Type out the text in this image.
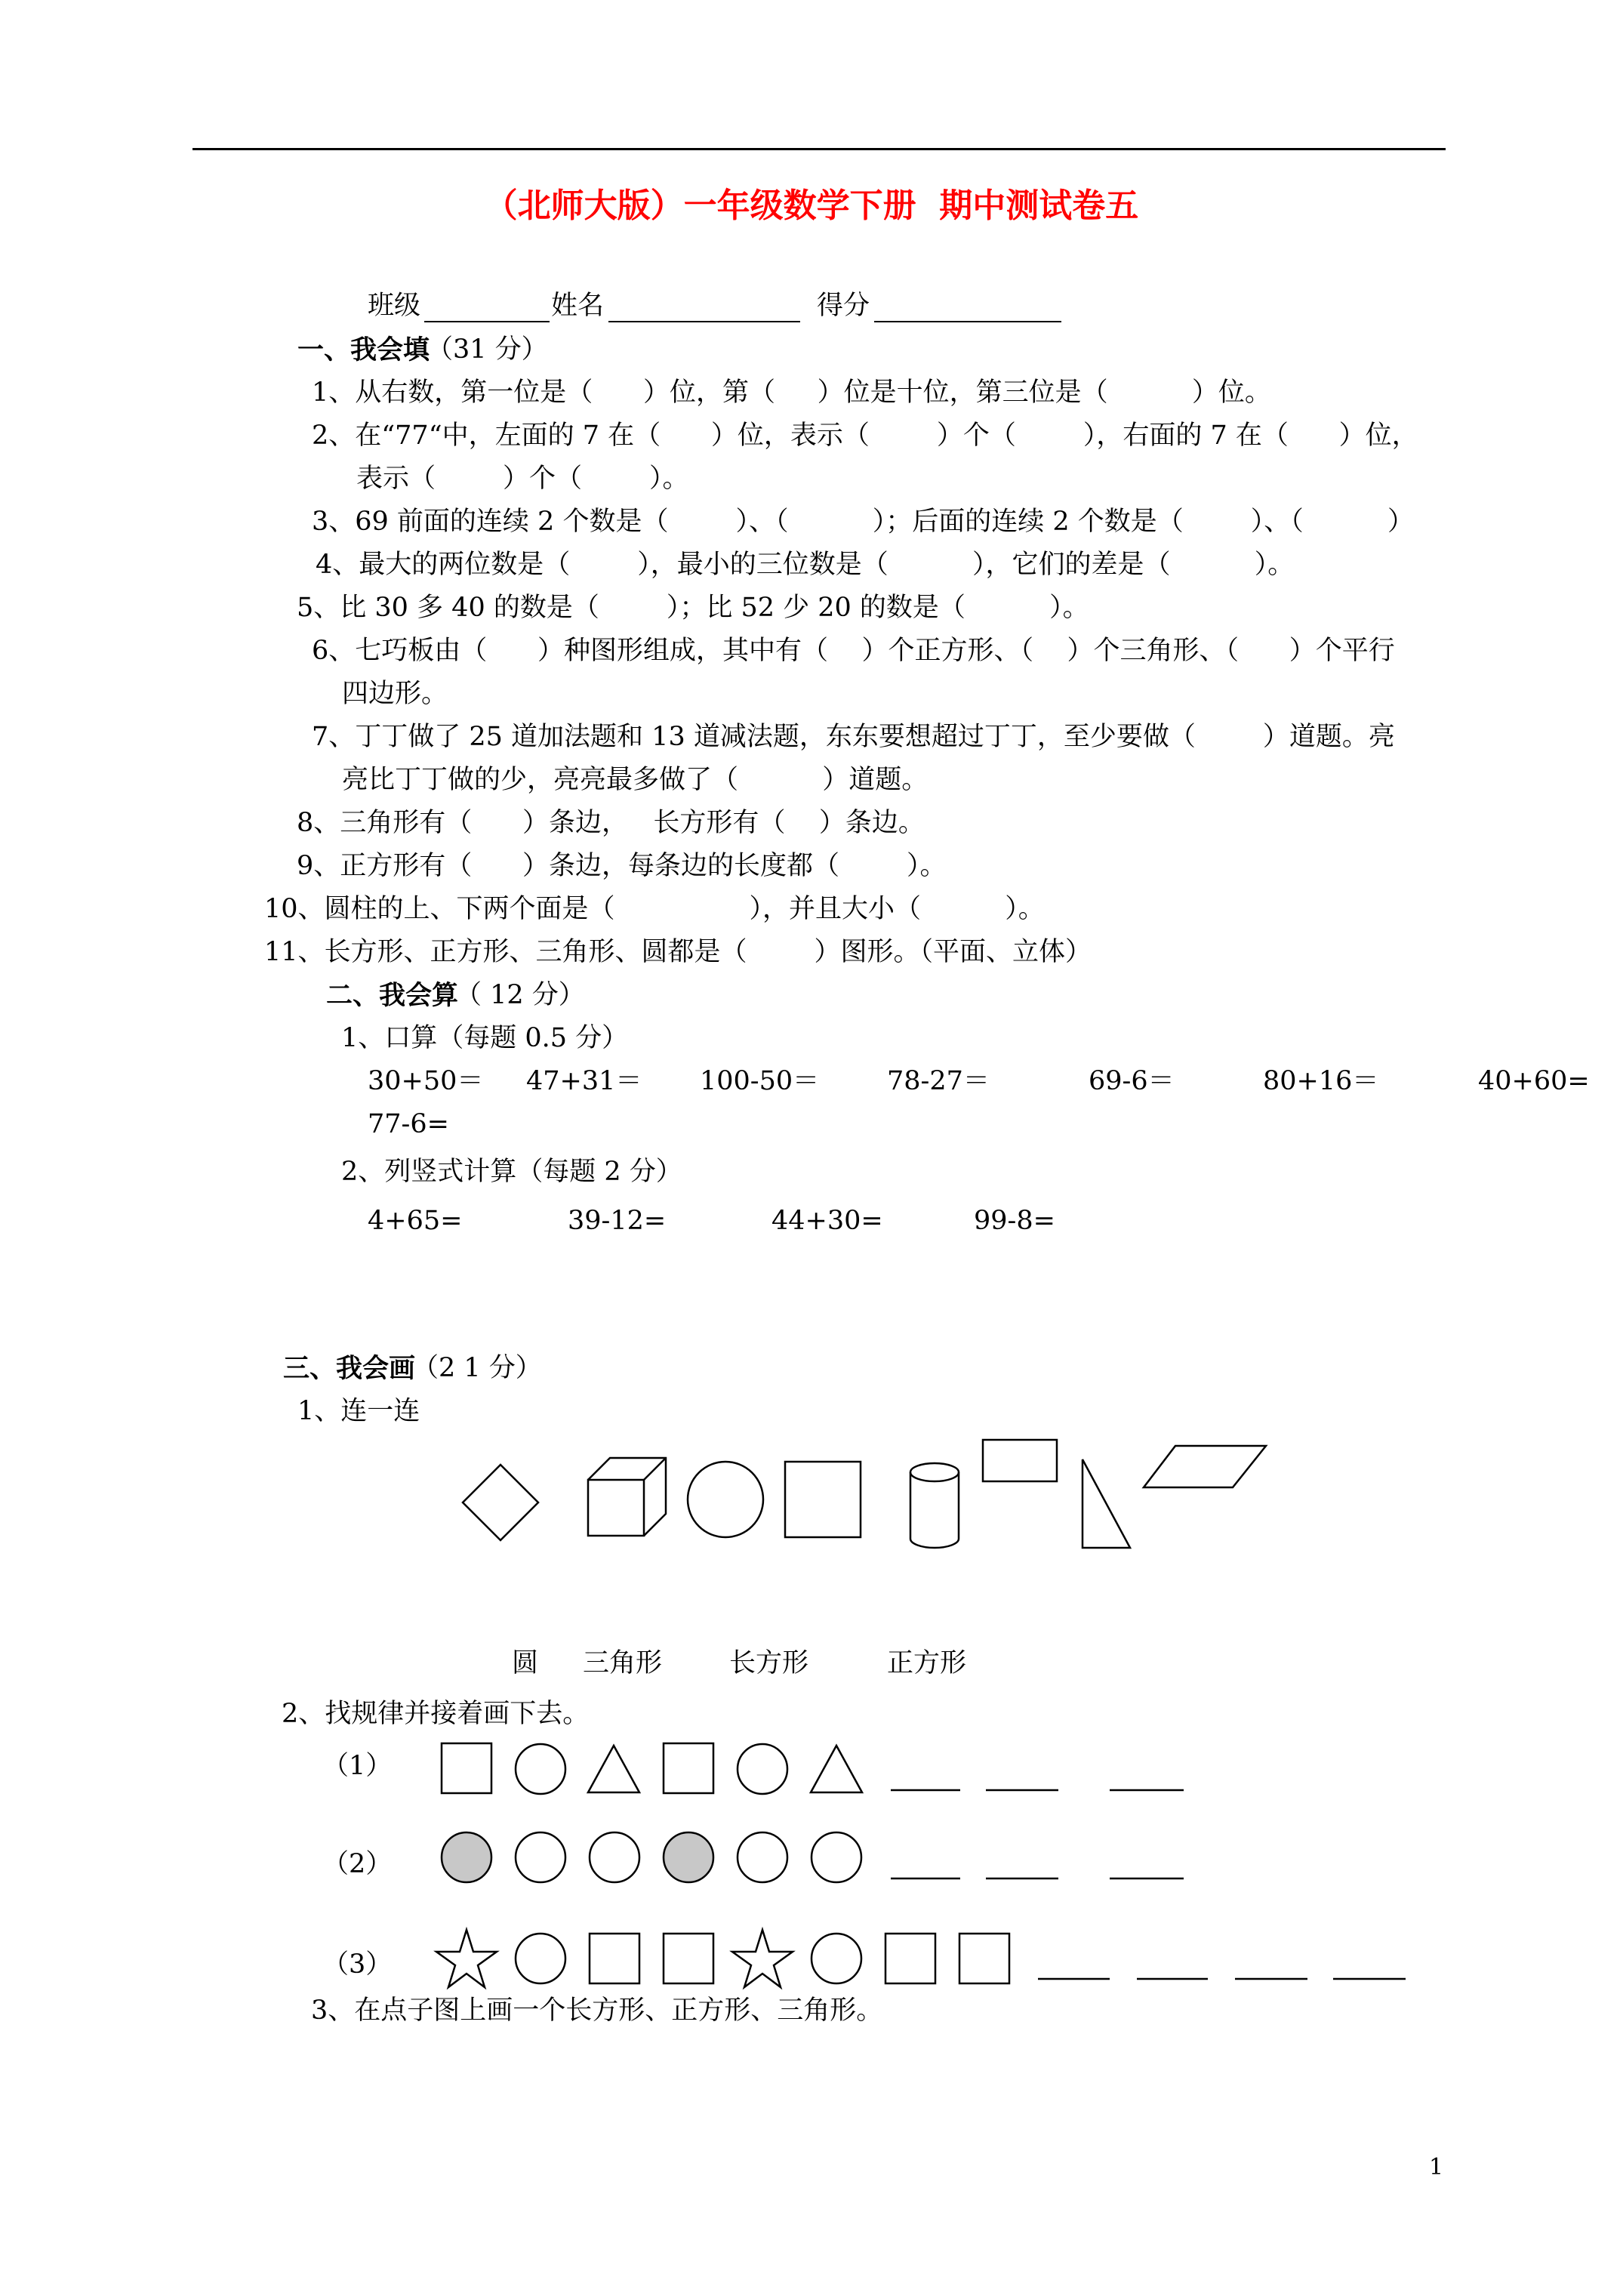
（北师大版）一年级数学下册  期中测试卷五
班级	姓名	得分
一、我会填
（31 分）
1、从右数，第一位是（      ）位，第（     ）位是十位，第三位是（          ）位。
2、在“77“中，左面的 7 在（      ）位，表示（        ）个（        ），右面的 7 在（      ）位，
表示（        ）个（        ）。
3、69 前面的连续 2 个数是（        ）、（          ）；后面的连续 2 个数是（        ）、（          ）
4、最大的两位数是（        ），最小的三位数是（          ），它们的差是（          ）。
5、比 30 多 40 的数是（        ）；比 52 少 20 的数是（          ）。
6、七巧板由（      ）种图形组成，其中有（    ）个正方形、（    ）个三角形、（      ）个平行
四边形。
7、丁丁做了 25 道加法题和 13 道减法题，东东要想超过丁丁，至少要做（        ）道题。亮
亮比丁丁做的少，亮亮最多做了（          ）道题。
8、三角形有（      ）条边，   长方形有（    ）条边。
9、正方形有（      ）条边，每条边的长度都（        ）。
10、圆柱的上、下两个面是（                ），并且大小（          ）。
11、长方形、正方形、三角形、圆都是（        ）图形。（平面、立体）
二、我会算
（ 12 分）
1、口算（每题 0.5 分）
30+50＝ 47+31＝ 100-50＝	78-27＝	69-6＝	80+16＝	40+60=
77-6=
2、列竖式计算（每题 2 分）
4+65=	39-12=	44+30=	99-8=
三、我会画
（2 1 分）
1、连一连
圆 三角形	长方形	正方形
2、找规律并接着画下去。
（1）
（2）
（3）
3、在点子图上画一个长方形、正方形、三角形。
1
